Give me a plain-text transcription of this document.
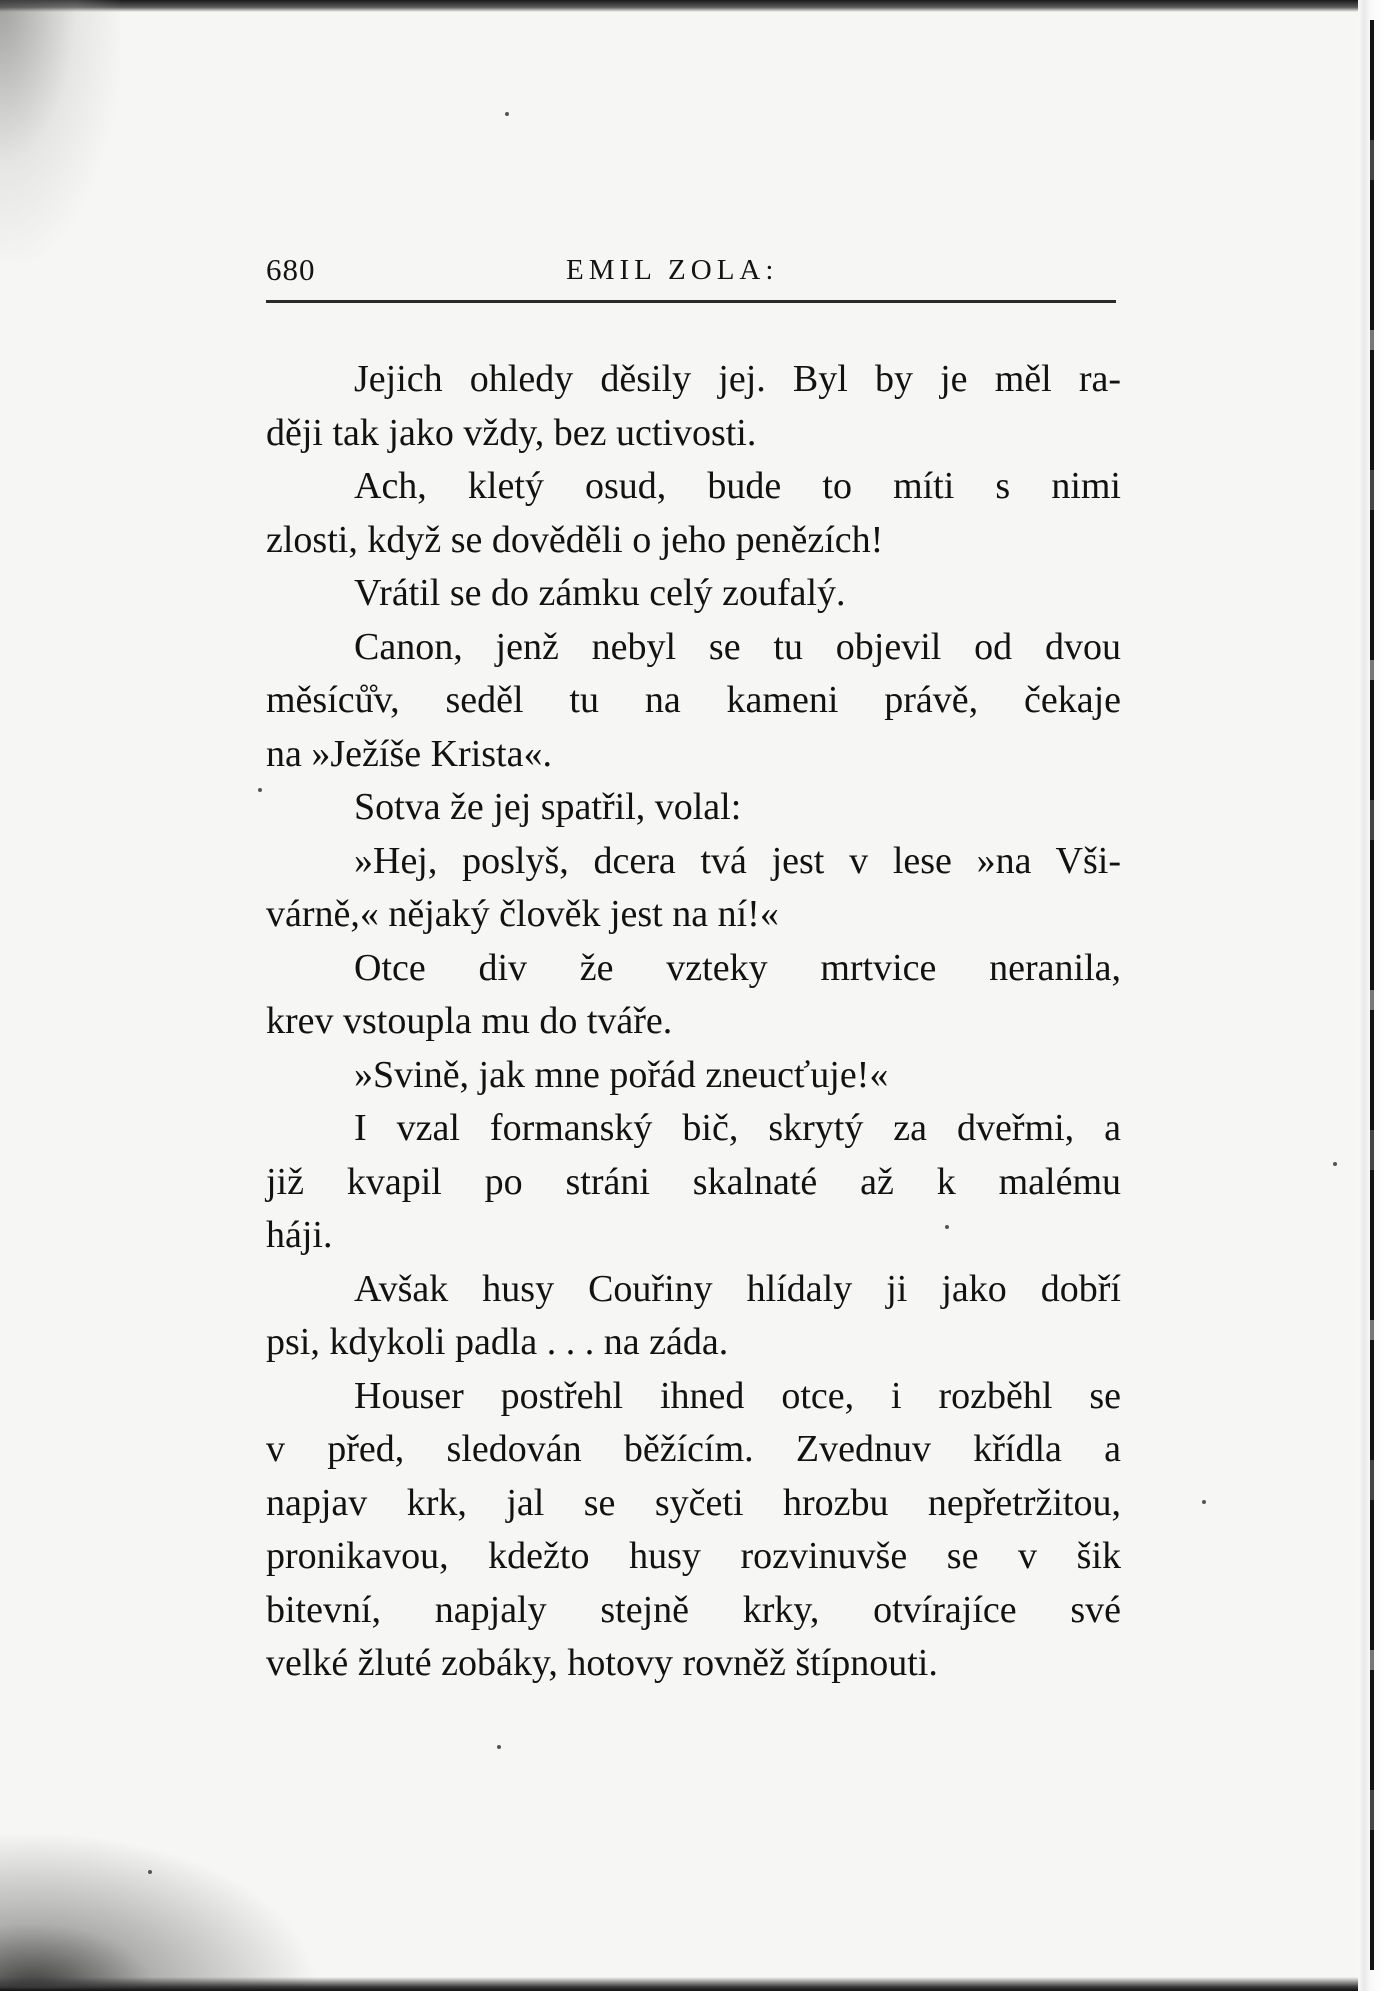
680	EMIL ZOLA:
Jejich ohledy děsily jej. Byl by je měl ra-
ději tak jako vždy, bez uctivosti.
Ach, kletý osud, bude to míti s nimi
zlosti, když se dověděli o jeho penězích!
Vrátil se do zámku celý zoufalý.
Canon, jenž nebyl se tu objevil od dvou
měsíců̊v, seděl tu na kameni právě, čekaje
na »Ježíše Krista«.
Sotva že jej spatřil, volal:
»Hej, poslyš, dcera tvá jest v lese »na Vši-
várně,« nějaký člověk jest na ní!«
Otce div že vzteky mrtvice neranila,
krev vstoupla mu do tváře.
»Svině, jak mne pořád zneucťuje!«
I vzal formanský bič, skrytý za dveřmi, a
již kvapil po stráni skalnaté až k malému
háji.
Avšak husy Couřiny hlídaly ji jako dobří
psi, kdykoli padla . . . na záda.
Houser postřehl ihned otce, i rozběhl se
v před, sledován běžícím. Zvednuv křídla a
napjav krk, jal se syčeti hrozbu nepřetržitou,
pronikavou, kdežto husy rozvinuvše se v šik
bitevní, napjaly stejně krky, otvírajíce své
velké žluté zobáky, hotovy rovněž štípnouti.
